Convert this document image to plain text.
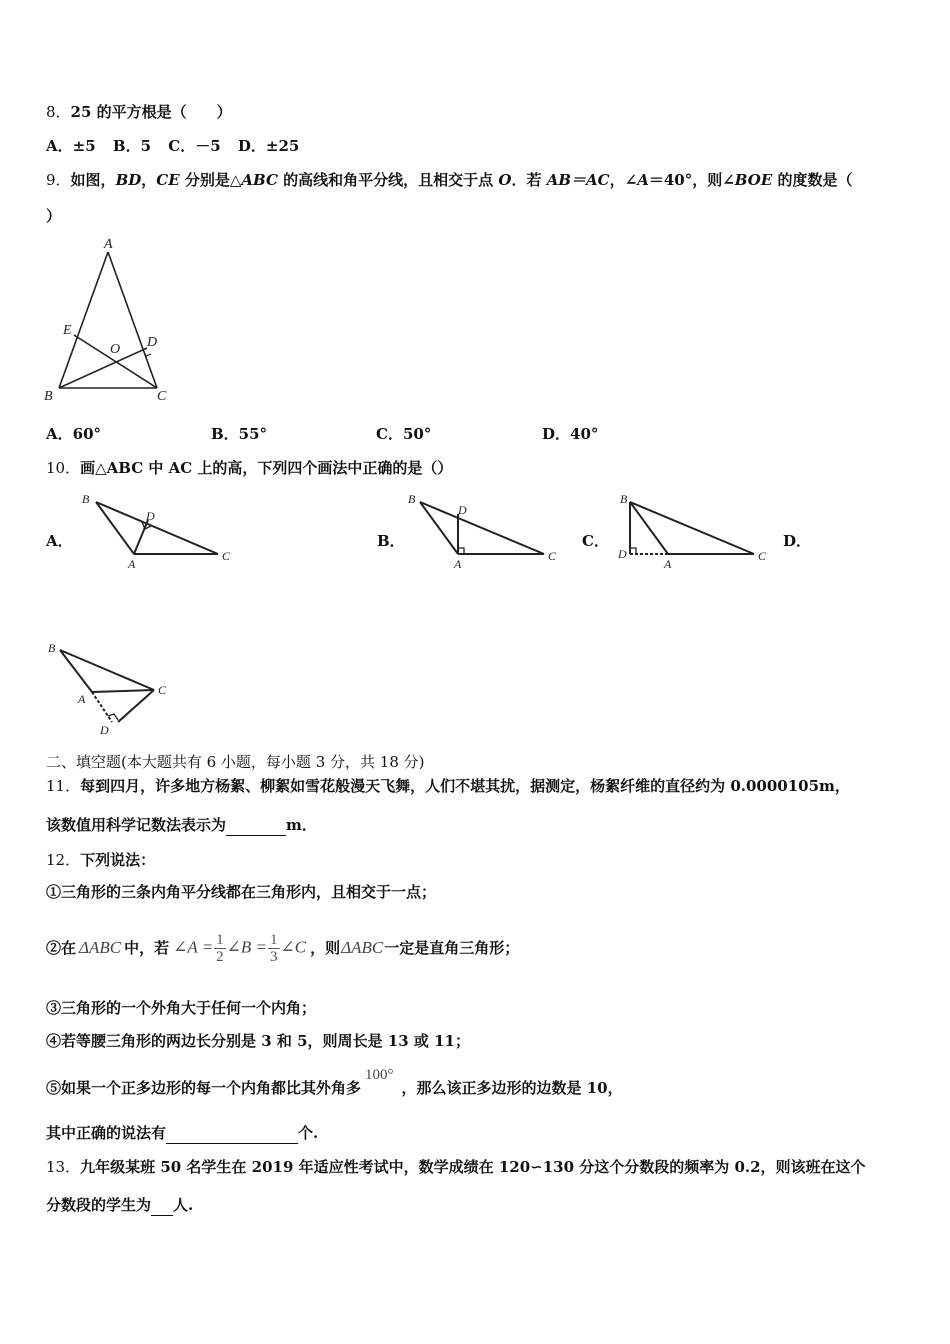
8．25 的平方根是（　　）
A．±5 B．5 C．－5 D．±25
9．如图，BD，CE 分别是△ABC 的高线和角平分线，且相交于点 O．若 AB＝AC，∠A＝40°，则∠BOE 的度数是（
）
A
B	C
D
E
O
A．60°	B．55°	C．50°	D．40°
10．画△ABC 中 AC 上的高，下列四个画法中正确的是（）
A．
B
D
A
C
B．
B
D
A
C
C．
B
D
A
C
D．
B
A
C
D
二、填空题(本大题共有 6 小题，每小题 3 分，共 18 分)
11．每到四月，许多地方杨絮、柳絮如雪花般漫天飞舞，人们不堪其扰，据测定，杨絮纤维的直径约为 0.0000105m，
该数值用科学记数法表示为	m．
12．下列说法：
①三角形的三条内角平分线都在三角形内，且相交于一点；
②在 ΔABC 中，若 ∠A = $\frac{1}{2}$ ∠B = $\frac{1}{3}$ ∠C ，则 ΔABC 一定是直角三角形；
③三角形的一个外角大于任何一个内角；
④若等腰三角形的两边长分别是 3 和 5，则周长是 13 或 11；
⑤如果一个正多边形的每一个内角都比其外角多100°，那么该正多边形的边数是 10，
其中正确的说法有	个.
13．九年级某班 50 名学生在 2019 年适应性考试中，数学成绩在 120∽130 分这个分数段的频率为 0.2，则该班在这个
分数段的学生为 人.
